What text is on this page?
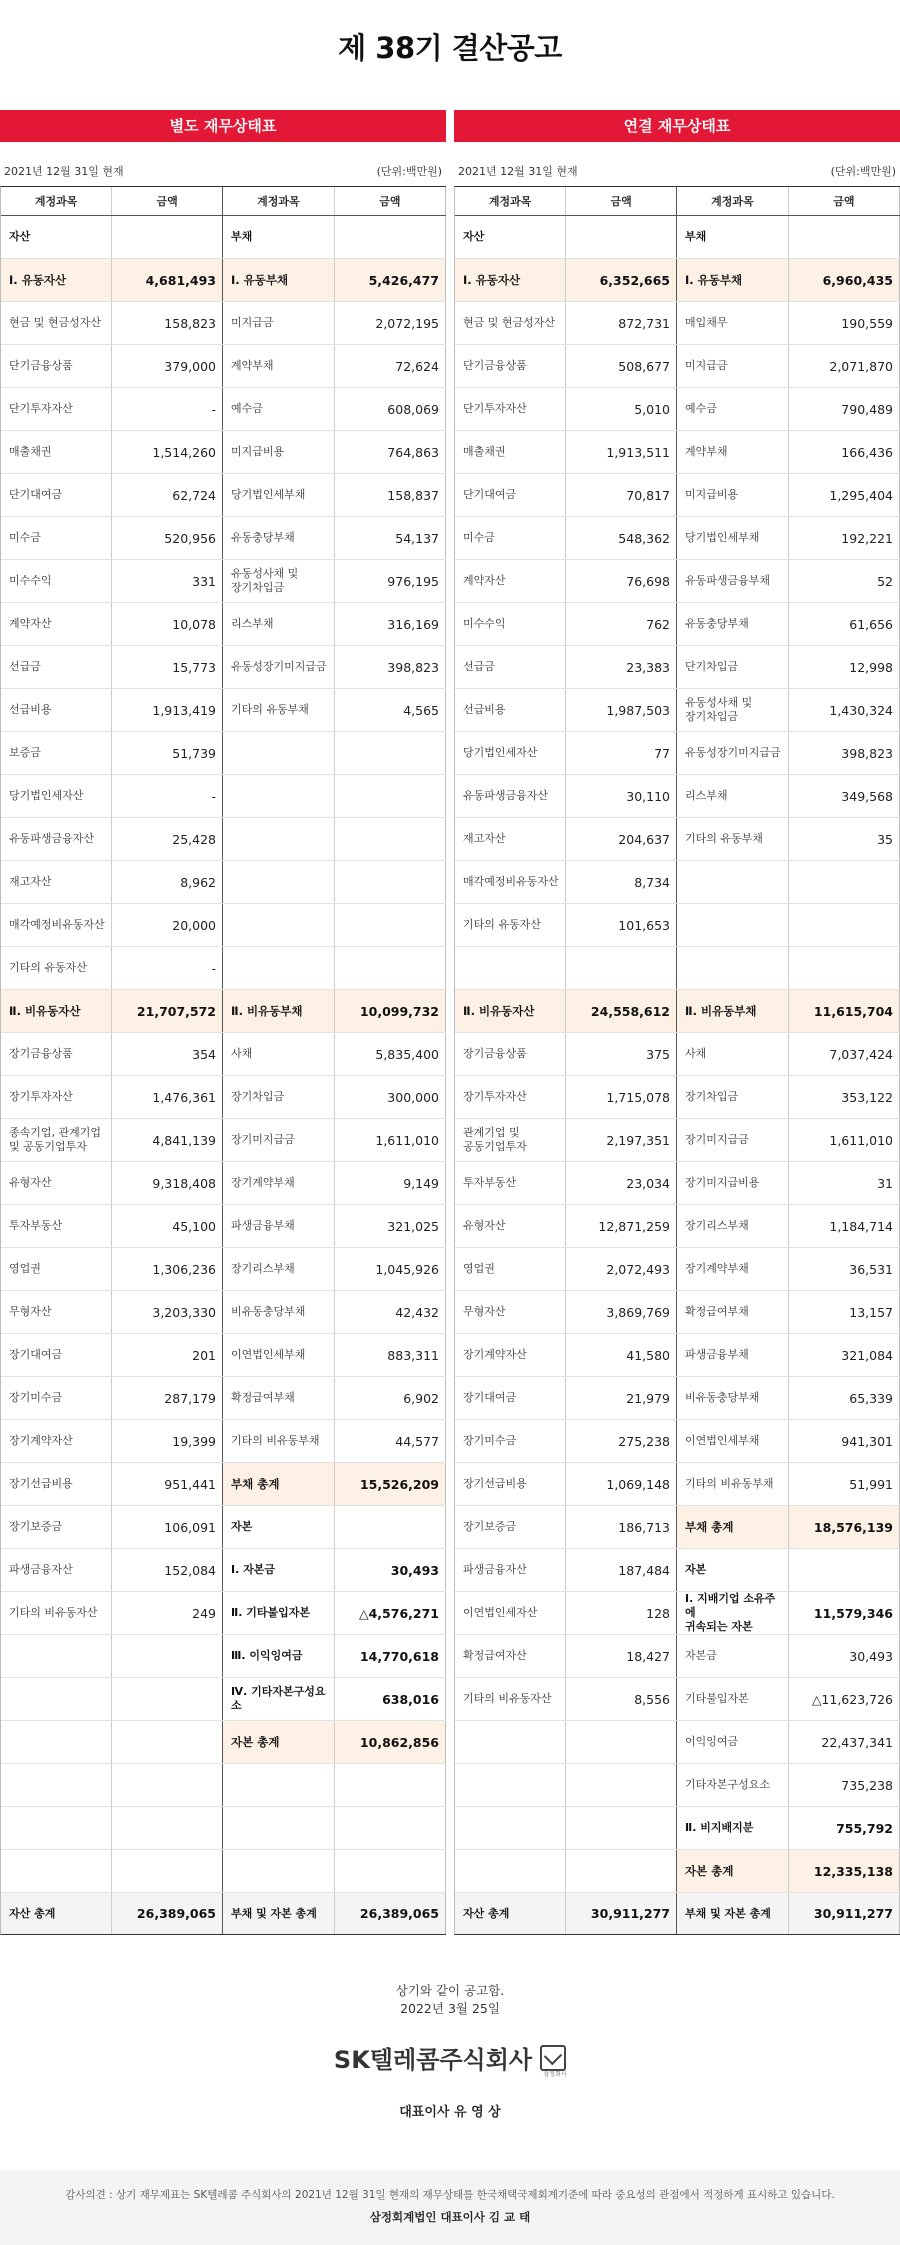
제 38기 결산공고
별도 재무상태표
2021년 12월 31일 현재	(단위:백만원)
계정과목	금액
자산	
Ⅰ. 유동자산	4,681,493
현금 및 현금성자산	158,823
단기금융상품	379,000
단기투자자산	-
매출채권	1,514,260
단기대여금	62,724
미수금	520,956
미수수익	331
계약자산	10,078
선급금	15,773
선급비용	1,913,419
보증금	51,739
당기법인세자산	-
유동파생금융자산	25,428
재고자산	8,962
매각예정비유동자산	20,000
기타의 유동자산	-
Ⅱ. 비유동자산	21,707,572
장기금융상품	354
장기투자자산	1,476,361
종속기업, 관계기업
및 공동기업투자	4,841,139
유형자산	9,318,408
투자부동산	45,100
영업권	1,306,236
무형자산	3,203,330
장기대여금	201
장기미수금	287,179
장기계약자산	19,399
장기선급비용	951,441
장기보증금	106,091
파생금융자산	152,084
기타의 비유동자산	249

자산 총계	26,389,065
계정과목	금액
부채	
Ⅰ. 유동부채	5,426,477
미지급금	2,072,195
계약부채	72,624
예수금	608,069
미지급비용	764,863
당기법인세부채	158,837
유동충당부채	54,137
유동성사채 및
장기차입금	976,195
리스부채	316,169
유동성장기미지급금	398,823
기타의 유동부채	4,565

Ⅱ. 비유동부채	10,099,732
사채	5,835,400
장기차입금	300,000
장기미지급금	1,611,010
장기계약부채	9,149
파생금융부채	321,025
장기리스부채	1,045,926
비유동충당부채	42,432
이연법인세부채	883,311
확정급여부채	6,902
기타의 비유동부채	44,577
부채 총계	15,526,209
자본	
Ⅰ. 자본금	30,493
Ⅱ. 기타불입자본	△4,576,271
Ⅲ. 이익잉여금	14,770,618
Ⅳ. 기타자본구성요소	638,016
자본 총계	10,862,856

부채 및 자본 총계	26,389,065
연결 재무상태표
2021년 12월 31일 현재	(단위:백만원)
계정과목	금액
자산	
Ⅰ. 유동자산	6,352,665
현금 및 현금성자산	872,731
단기금융상품	508,677
단기투자자산	5,010
매출채권	1,913,511
단기대여금	70,817
미수금	548,362
계약자산	76,698
미수수익	762
선급금	23,383
선급비용	1,987,503
당기법인세자산	77
유동파생금융자산	30,110
재고자산	204,637
매각예정비유동자산	8,734
기타의 유동자산	101,653

Ⅱ. 비유동자산	24,558,612
장기금융상품	375
장기투자자산	1,715,078
관계기업 및
공동기업투자	2,197,351
투자부동산	23,034
유형자산	12,871,259
영업권	2,072,493
무형자산	3,869,769
장기계약자산	41,580
장기대여금	21,979
장기미수금	275,238
장기선급비용	1,069,148
장기보증금	186,713
파생금융자산	187,484
이연법인세자산	128
확정급여자산	18,427
기타의 비유동자산	8,556

자산 총계	30,911,277
계정과목	금액
부채	
Ⅰ. 유동부채	6,960,435
매입채무	190,559
미지급금	2,071,870
예수금	790,489
계약부채	166,436
미지급비용	1,295,404
당기법인세부채	192,221
유동파생금융부채	52
유동충당부채	61,656
단기차입금	12,998
유동성사채 및
장기차입금	1,430,324
유동성장기미지급금	398,823
리스부채	349,568
기타의 유동부채	35

Ⅱ. 비유동부채	11,615,704
사채	7,037,424
장기차입금	353,122
장기미지급금	1,611,010
장기미지급비용	31
장기리스부채	1,184,714
장기계약부채	36,531
확정급여부채	13,157
파생금융부채	321,084
비유동충당부채	65,339
이연법인세부채	941,301
기타의 비유동부채	51,991
부채 총계	18,576,139
자본	
Ⅰ. 지배기업 소유주에
귀속되는 자본	11,579,346
자본금	30,493
기타불입자본	△11,623,726
이익잉여금	22,437,341
기타자본구성요소	735,238
Ⅱ. 비지배지분	755,792
자본 총계	12,335,138
부채 및 자본 총계	30,911,277
상기와 같이 공고함.
2022년 3월 25일
SK텔레콤주식회사	삼정회사
대표이사 유 영 상
감사의견 : 상기 재무제표는 SK텔레콤 주식회사의 2021년 12월 31일 현재의 재무상태를 한국채택국제회계기준에 따라 중요성의 관점에서 적정하게 표시하고 있습니다.
삼정회계법인 대표이사 김 교 태
